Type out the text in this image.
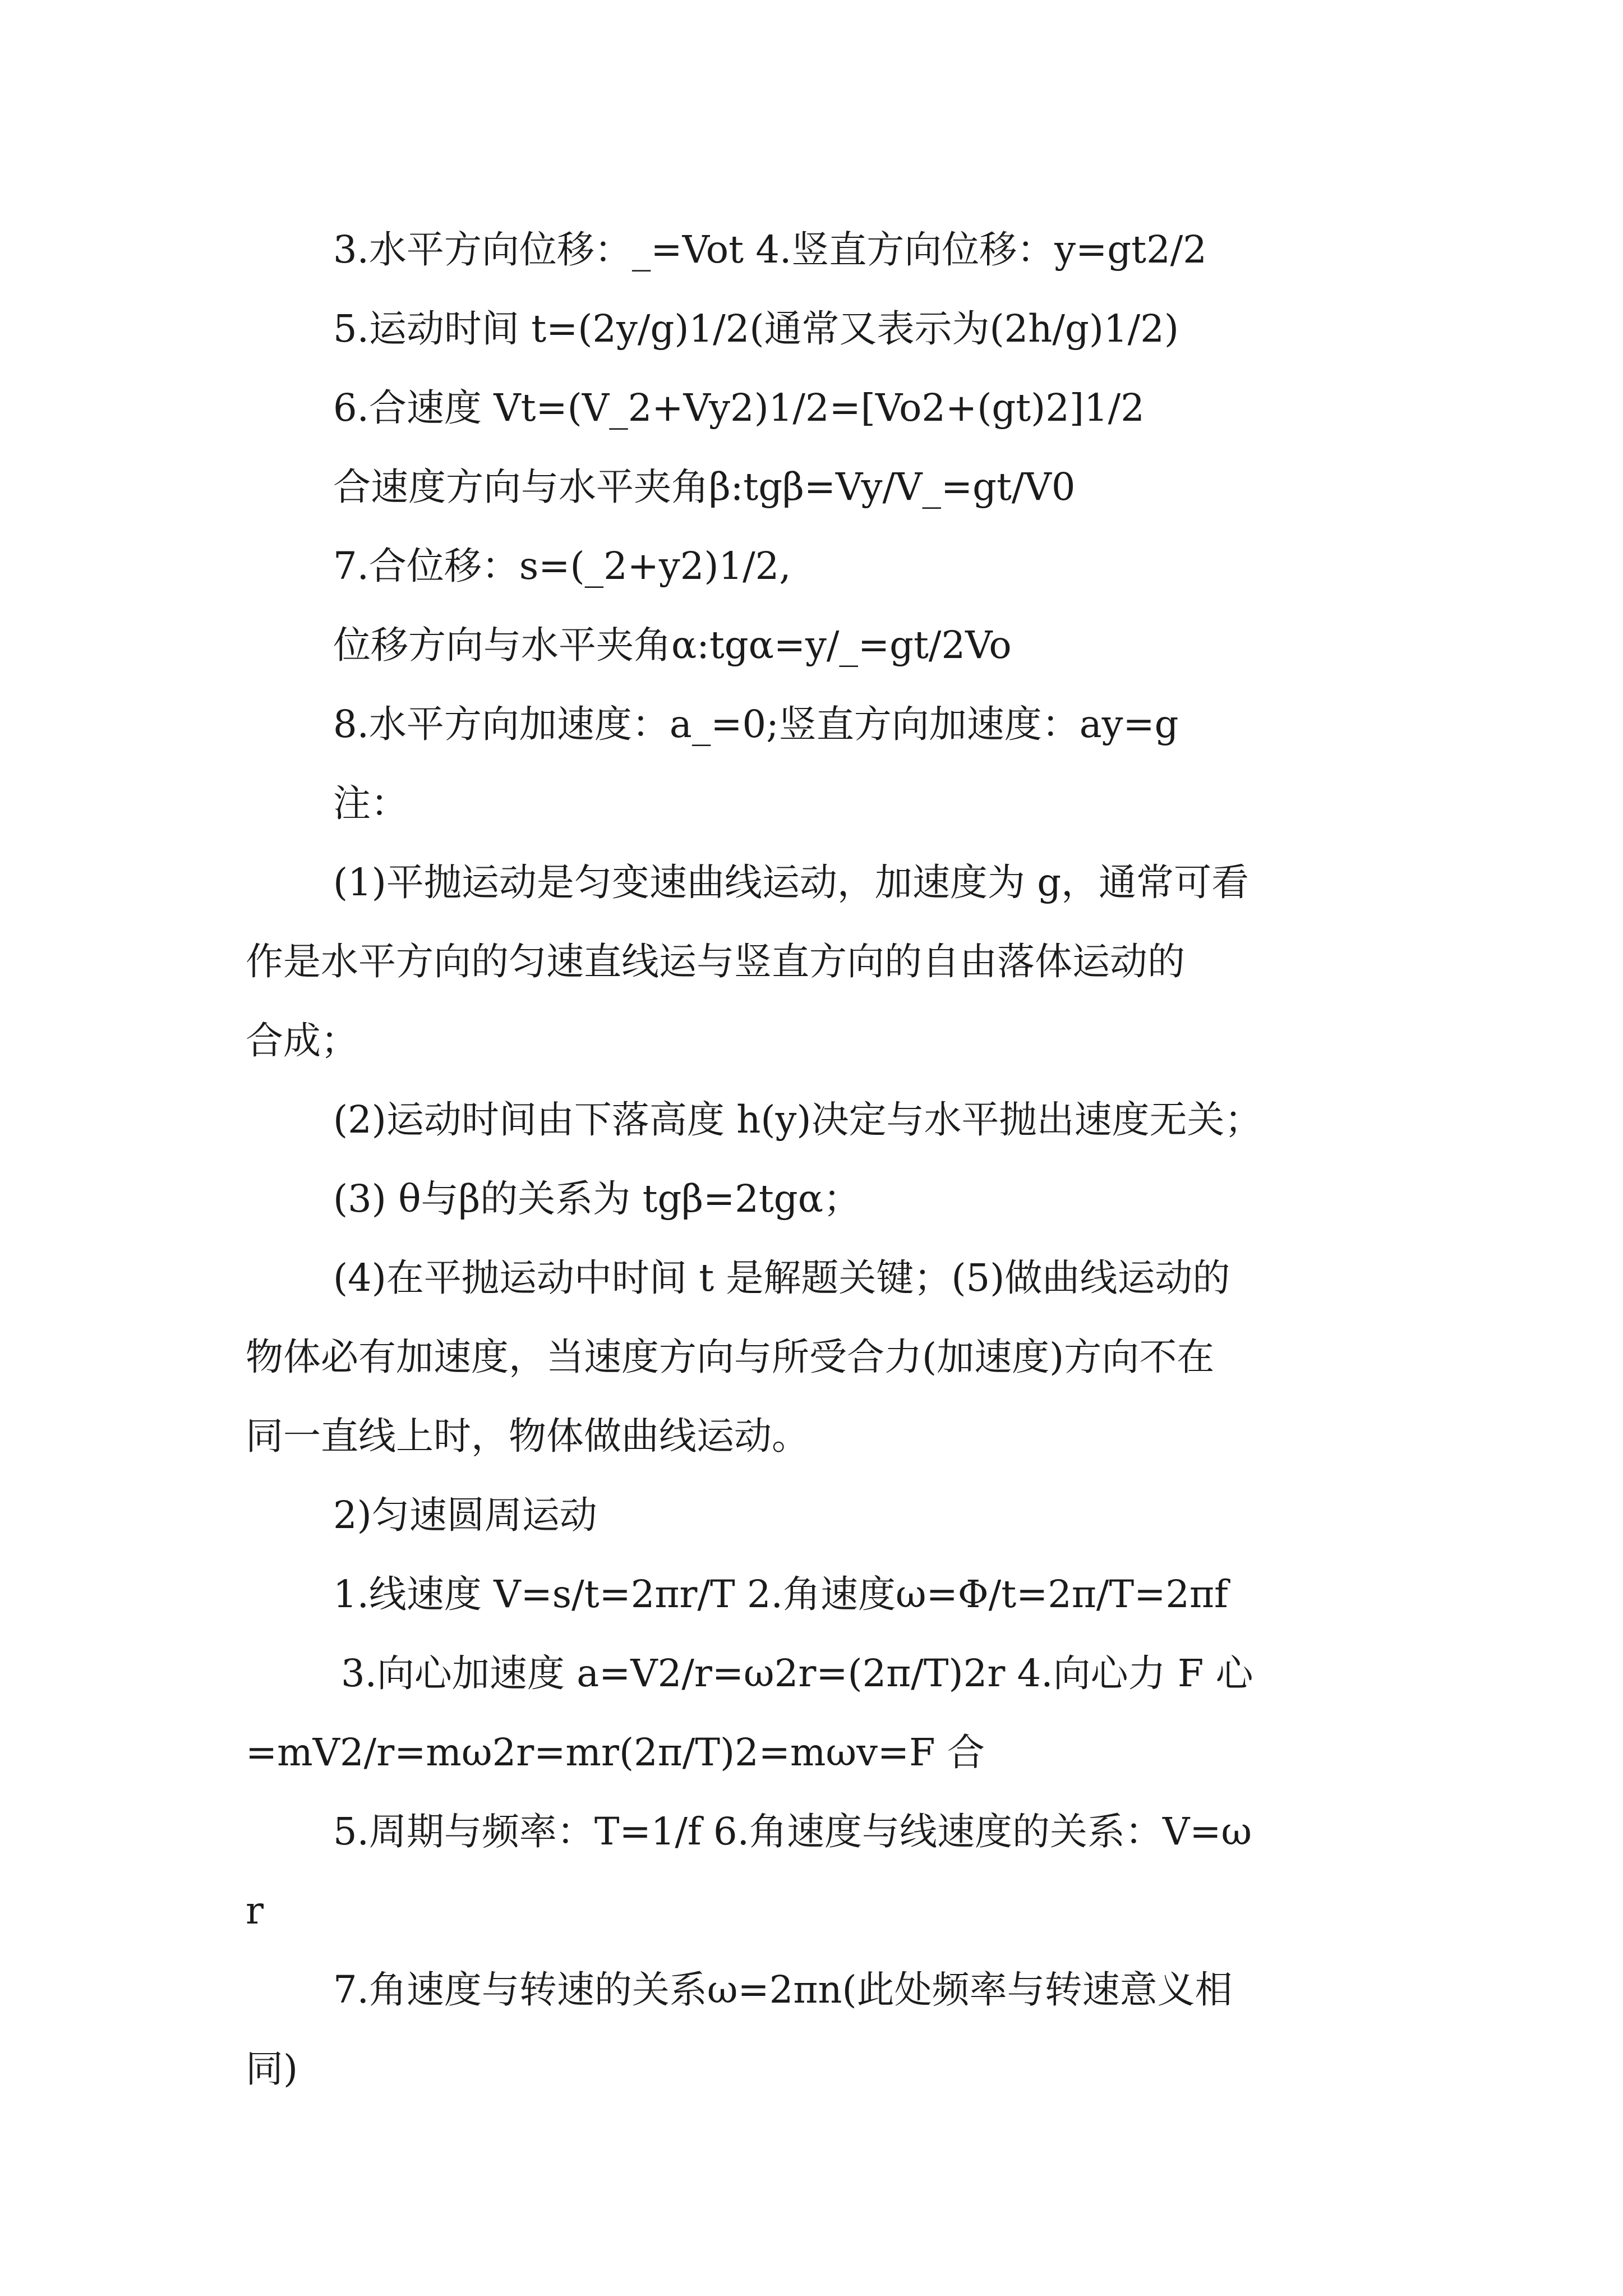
3.水平方向位移：_=Vot 4.竖直方向位移：y=gt2/2
5.运动时间 t=(2y/g)1/2(通常又表示为(2h/g)1/2)
6.合速度 Vt=(V_2+Vy2)1/2=[Vo2+(gt)2]1/2
合速度方向与水平夹角β:tgβ=Vy/V_=gt/V0
7.合位移：s=(_2+y2)1/2,
位移方向与水平夹角α:tgα=y/_=gt/2Vo
8.水平方向加速度：a_=0;竖直方向加速度：ay=g
注：
(1)平抛运动是匀变速曲线运动，加速度为 g，通常可看
作是水平方向的匀速直线运与竖直方向的自由落体运动的
合成；
(2)运动时间由下落高度 h(y)决定与水平抛出速度无关；
(3) θ与β的关系为 tgβ=2tgα；
(4)在平抛运动中时间 t 是解题关键；(5)做曲线运动的
物体必有加速度，当速度方向与所受合力(加速度)方向不在
同一直线上时，物体做曲线运动。
2)匀速圆周运动
1.线速度 V=s/t=2πr/T 2.角速度ω=Φ/t=2π/T=2πf
3.向心加速度 a=V2/r=ω2r=(2π/T)2r 4.向心力 F 心
=mV2/r=mω2r=mr(2π/T)2=mωv=F 合
5.周期与频率：T=1/f 6.角速度与线速度的关系：V=ω
r
7.角速度与转速的关系ω=2πn(此处频率与转速意义相
同)
